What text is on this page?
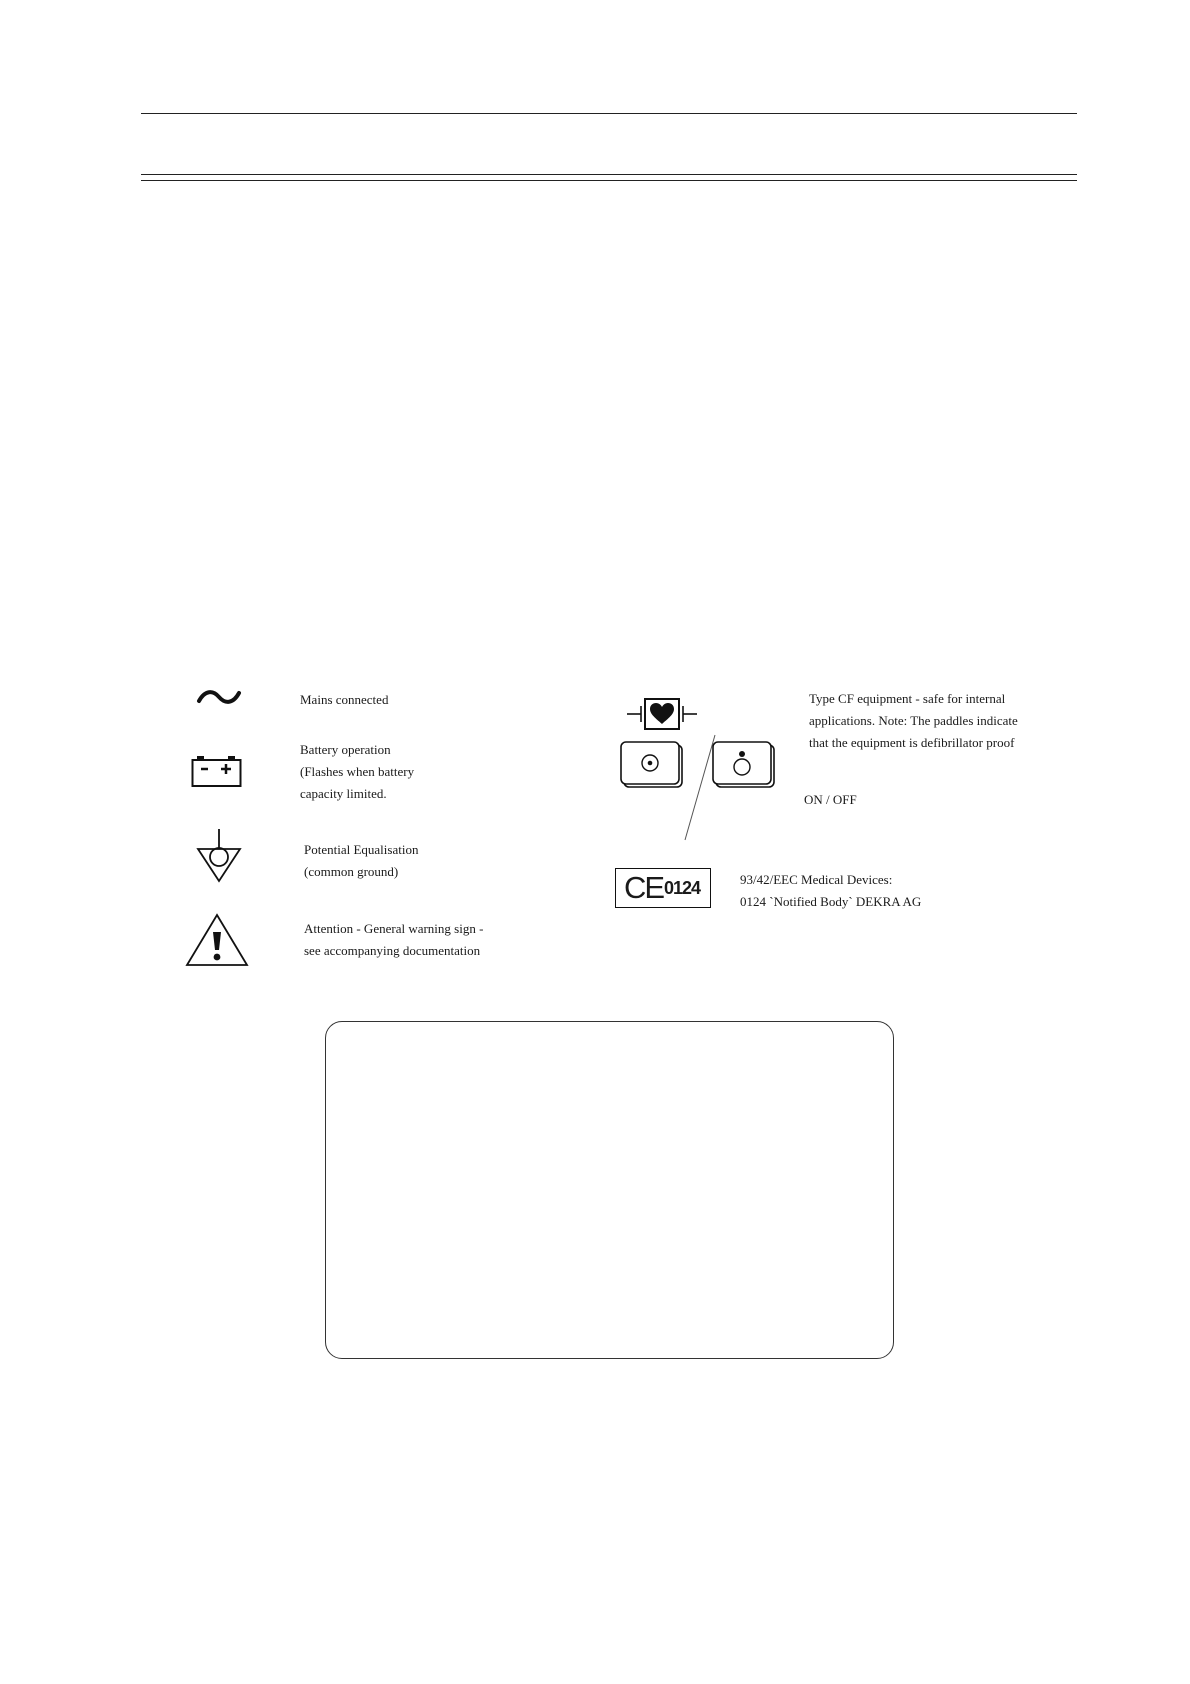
Mains connected
Battery operation
(Flashes when battery
capacity limited.
Potential Equalisation
(common ground)
Attention - General warning sign -
see accompanying documentation
Type CF equipment - safe for internal
applications. Note: The paddles indicate
that the equipment is defibrillator proof
ON / OFF
CE 0124	93/42/EEC Medical Devices:
0124 `Notified Body` DEKRA AG
